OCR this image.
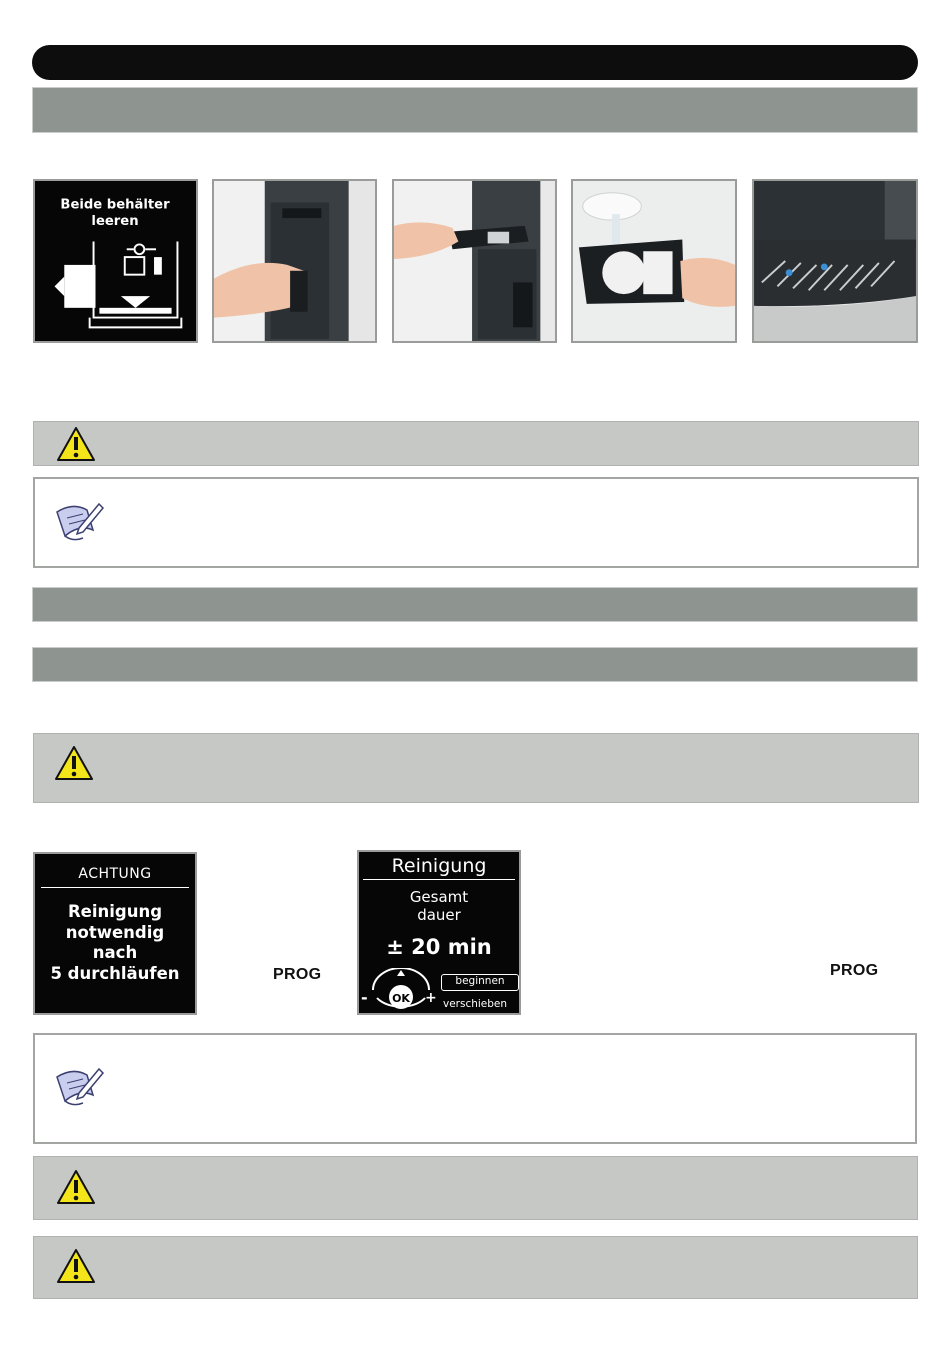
Beide behälter
leeren
ACHTUNG
Reinigung
notwendig
nach
5 durchläufen	PROG
Reinigung
Gesamt
dauer
± 20 min
OK
-	+
beginnen
verschieben
PROG
